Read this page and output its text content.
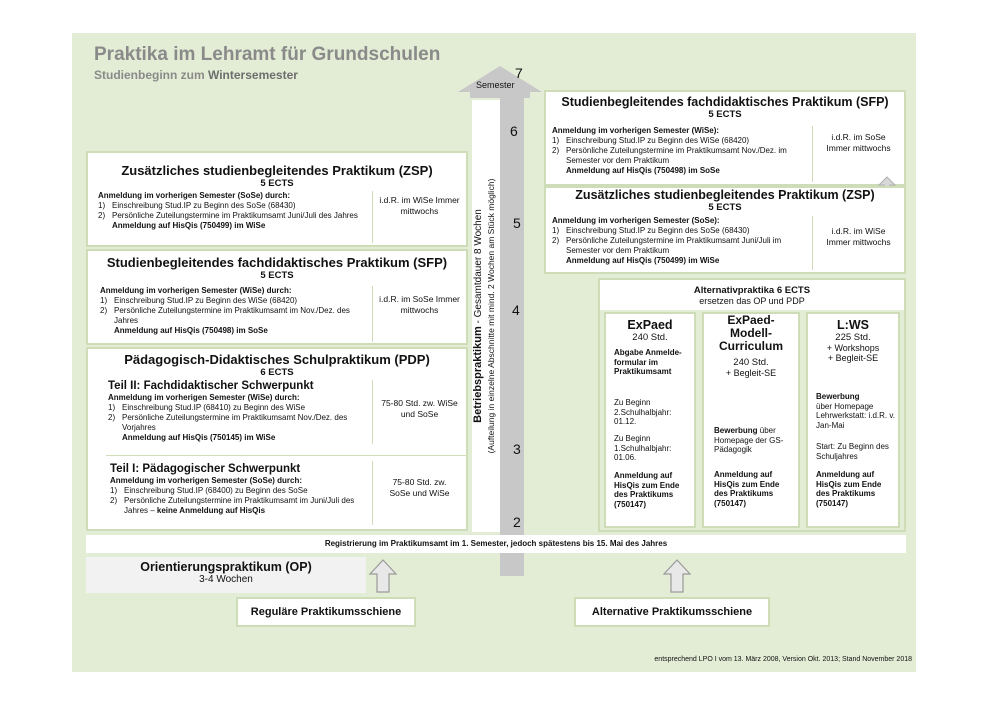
Praktika im Lehramt für Grundschulen
Studienbeginn zum Wintersemester
Semester
7
6
5
4
3
2
Betriebspraktikum - Gesamtdauer 8 Wochen (Aufteilung in einzelne Abschnitte mit mind. 2 Wochen am Stück möglich)
Zusätzliches studienbegleitendes Praktikum (ZSP)
5 ECTS
Anmeldung im vorherigen Semester (SoSe) durch:
1) Einschreibung Stud.IP zu Beginn des SoSe (68430)
2) Persönliche Zuteilungstermine im Praktikumsamt Juni/Juli des Jahres
Anmeldung auf HisQis (750499) im WiSe
i.d.R. im WiSe Immer mittwochs
Studienbegleitendes fachdidaktisches Praktikum (SFP)
5 ECTS
Anmeldung im vorherigen Semester (WiSe) durch:
1) Einschreibung Stud.IP zu Beginn des WiSe (68420)
2) Persönliche Zuteilungstermine im Praktikumsamt im Nov./Dez. des Jahres
Anmeldung auf HisQis (750498) im SoSe
i.d.R. im SoSe Immer mittwochs
Pädagogisch-Didaktisches Schulpraktikum (PDP)
6 ECTS
Teil II: Fachdidaktischer Schwerpunkt
Anmeldung im vorherigen Semester (WiSe) durch:
1) Einschreibung Stud.IP (68410) zu Beginn des WiSe
2) Persönliche Zuteilungstermine im Praktikumsamt Nov./Dez. des Vorjahres
Anmeldung auf HisQis (750145) im WiSe
75-80 Std. zw. WiSe und SoSe
Teil I: Pädagogischer Schwerpunkt
Anmeldung im vorherigen Semester (SoSe) durch:
1) Einschreibung Stud.IP (68400) zu Beginn des SoSe
2) Persönliche Zuteilungstermine im Praktikumsamt im Juni/Juli des Jahres – keine Anmeldung auf HisQis
75-80 Std. zw. SoSe und WiSe
Studienbegleitendes fachdidaktisches Praktikum (SFP)
5 ECTS
Anmeldung im vorherigen Semester (WiSe):
1) Einschreibung Stud.IP zu Beginn des WiSe (68420)
2) Persönliche Zuteilungstermine im Praktikumsamt Nov./Dez. im Semester vor dem Praktikum
Anmeldung auf HisQis (750498) im SoSe
i.d.R. im SoSe Immer mittwochs
Zusätzliches studienbegleitendes Praktikum (ZSP)
5 ECTS
Anmeldung im vorherigen Semester (SoSe):
1) Einschreibung Stud.IP zu Beginn des SoSe (68430)
2) Persönliche Zuteilungstermine im Praktikumsamt Juni/Juli im Semester vor dem Praktikum
Anmeldung auf HisQis (750499) im WiSe
i.d.R. im WiSe Immer mittwochs
Alternativpraktika 6 ECTS
ersetzen das OP und PDP
ExPaed
240 Std.
Abgabe Anmelde-formular im Praktikumsamt
Zu Beginn 2.Schulhalbjahr: 01.12.
Zu Beginn 1.Schulhalbjahr: 01.06.
Anmeldung auf HisQis zum Ende des Praktikums (750147)
ExPaed-Modell-Curriculum
240 Std.
+ Begleit-SE
Bewerbung über Homepage der GS-Pädagogik
Anmeldung auf HisQis zum Ende des Praktikums (750147)
L:WS
225 Std.
+ Workshops
+ Begleit-SE
Bewerbung
über Homepage Lehrwerkstatt: i.d.R. v. Jan-Mai
Start: Zu Beginn des Schuljahres
Anmeldung auf HisQis zum Ende des Praktikums (750147)
Registrierung im Praktikumsamt im 1. Semester, jedoch spätestens bis 15. Mai des Jahres
Orientierungspraktikum (OP)
3-4 Wochen
Reguläre Praktikumsschiene	Alternative Praktikumsschiene
entsprechend LPO I vom 13. März 2008, Version Okt. 2013; Stand November 2018
